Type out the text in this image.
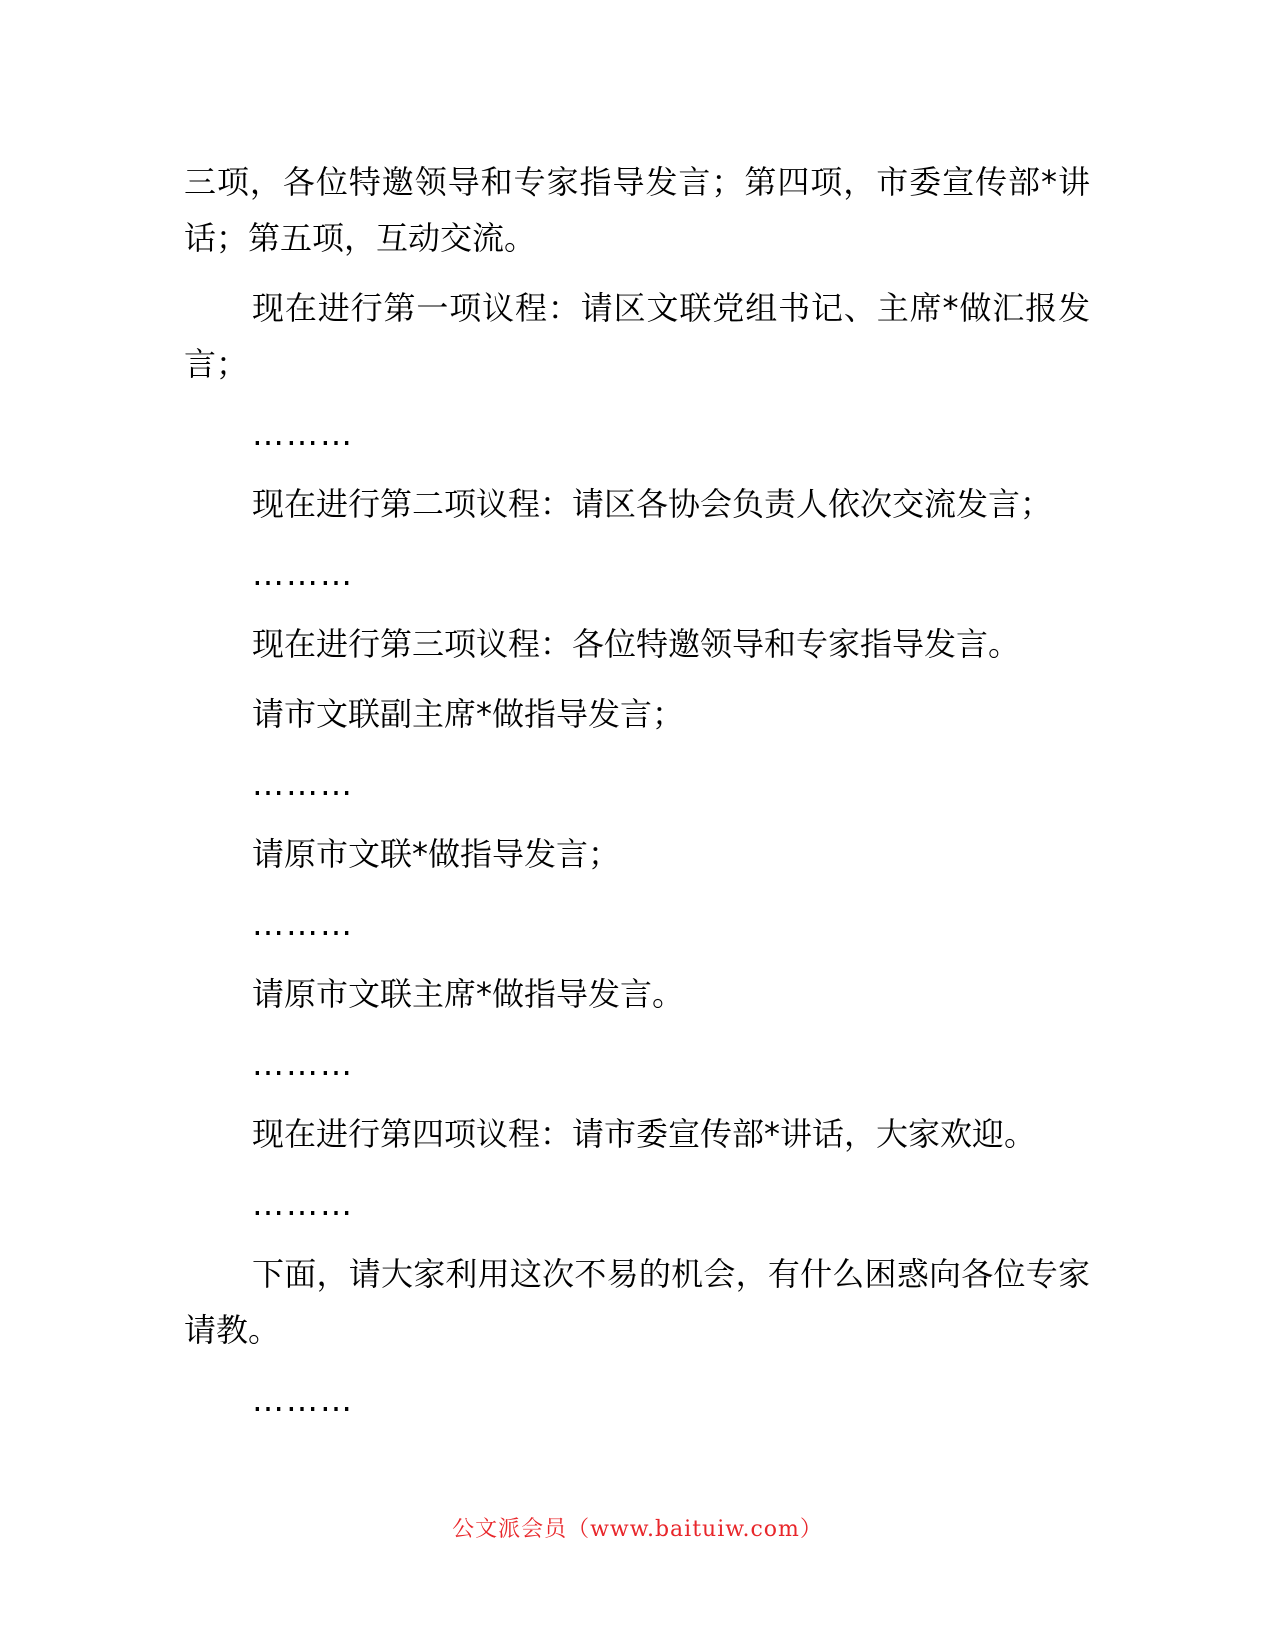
三项，各位特邀领导和专家指导发言；第四项，市委宣传部*讲话；第五项，互动交流。

现在进行第一项议程：请区文联党组书记、主席*做汇报发言；

………

现在进行第二项议程：请区各协会负责人依次交流发言；

………

现在进行第三项议程：各位特邀领导和专家指导发言。

请市文联副主席*做指导发言；

………

请原市文联*做指导发言；

………

请原市文联主席*做指导发言。

………

现在进行第四项议程：请市委宣传部*讲话，大家欢迎。

………

下面，请大家利用这次不易的机会，有什么困惑向各位专家请教。

………

公文派会员（www.baituiw.com）
